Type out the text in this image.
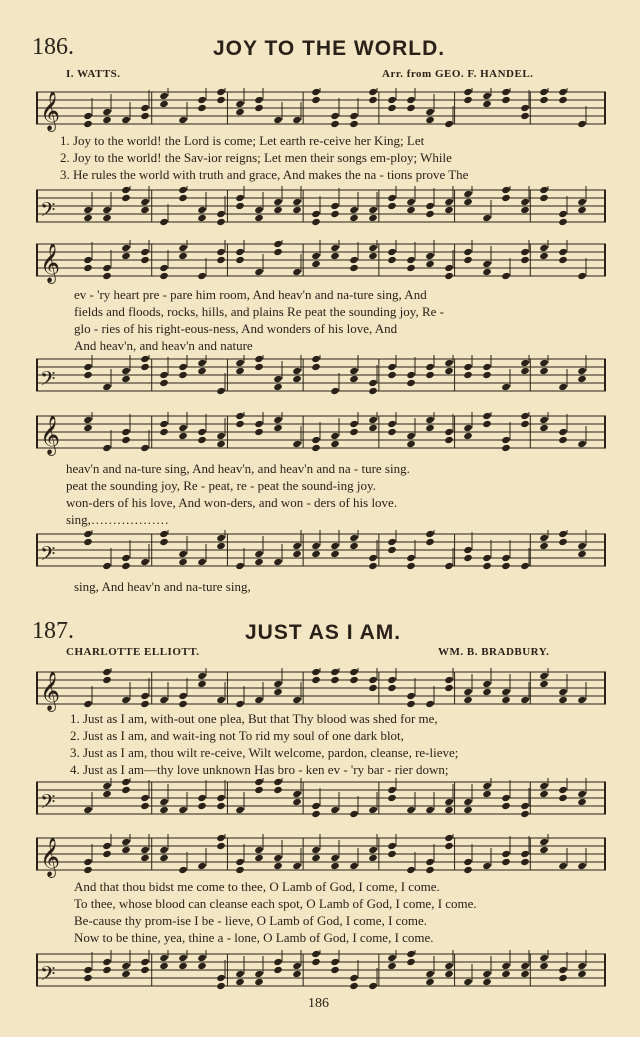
186.	JOY TO THE WORLD.
I. WATTS.	Arr. from GEO. F. HANDEL.
𝄞
1. Joy to the world! the Lord is come; Let earth re-ceive her King; Let
2. Joy to the world! the Sav-ior reigns; Let men their songs em-ploy; While
3. He rules the world with truth and grace, And makes the na - tions prove The
𝄢
𝄞
ev - 'ry heart pre - pare him room, And heav'n and na-ture sing, And
fields and floods, rocks, hills, and plains Re peat the sounding joy, Re -
glo - ries of his right-eous-ness, And wonders of his love, And
And heav'n, and heav'n and nature
𝄢
𝄞
heav'n and na-ture sing, And heav'n, and heav'n and na - ture sing.
peat the sounding joy, Re - peat, re - peat the sound-ing joy.
won-ders of his love, And won-ders, and won - ders of his love.
sing,………………
𝄢
sing, And heav'n and na-ture sing,
187.	JUST AS I AM.
CHARLOTTE ELLIOTT.	WM. B. BRADBURY.
𝄞
1. Just as I am, with-out one plea, But that Thy blood was shed for me,
2. Just as I am, and wait-ing not To rid my soul of one dark blot,
3. Just as I am, thou wilt re-ceive, Wilt welcome, pardon, cleanse, re-lieve;
4. Just as I am—thy love unknown Has bro - ken ev - 'ry bar - rier down;
𝄢
𝄞
And that thou bidst me come to thee, O Lamb of God, I come, I come.
To thee, whose blood can cleanse each spot, O Lamb of God, I come, I come.
Be-cause thy prom-ise I be - lieve, O Lamb of God, I come, I come.
Now to be thine, yea, thine a - lone, O Lamb of God, I come, I come.
𝄢
186
